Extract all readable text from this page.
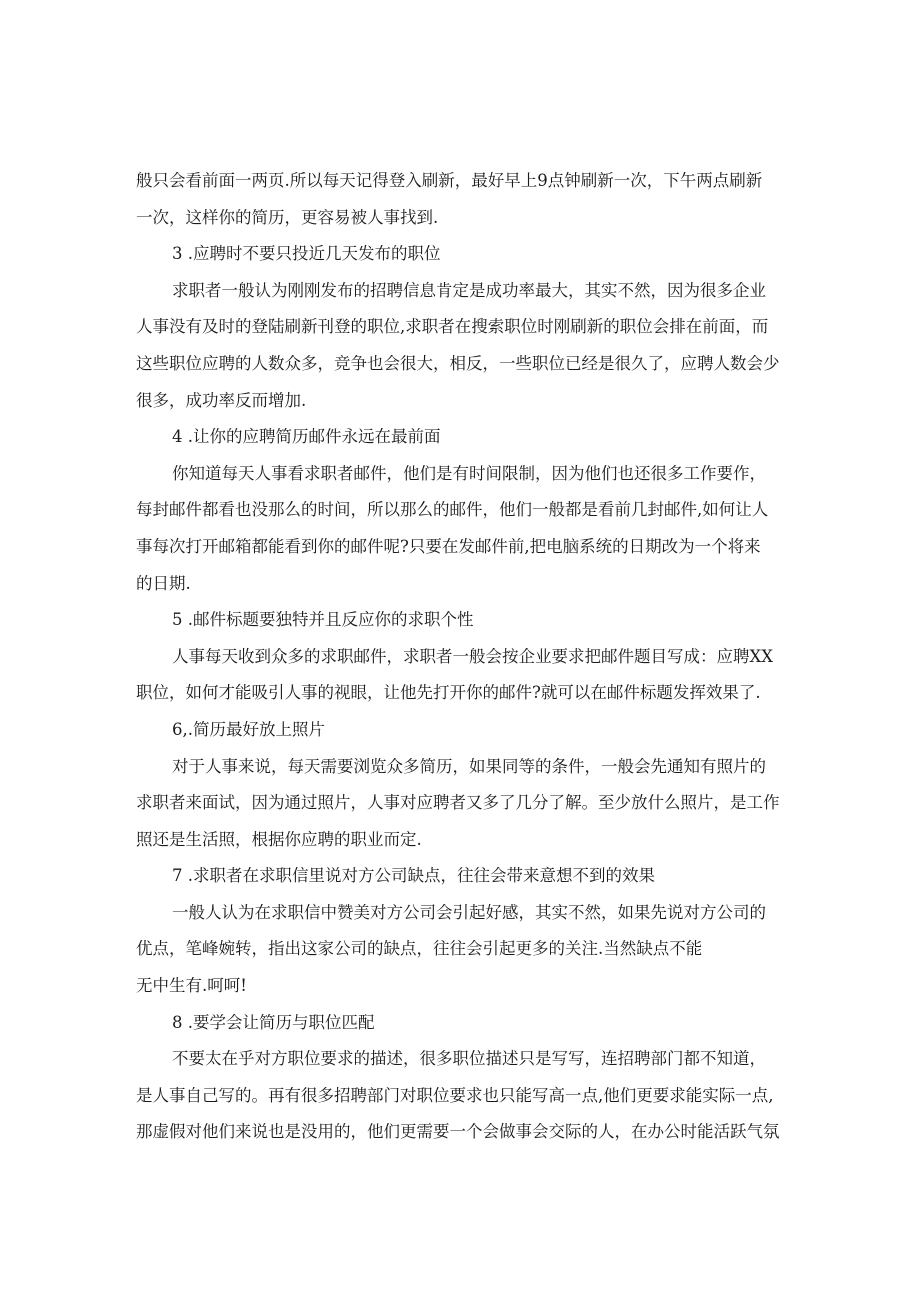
般只会看前面一两页.所以每天记得登入刷新，最好早上9点钟刷新一次，下午两点刷新
一次，这样你的简历，更容易被人事找到.
3 .应聘时不要只投近几天发布的职位
求职者一般认为刚刚发布的招聘信息肯定是成功率最大，其实不然，因为很多企业
人事没有及时的登陆刷新刊登的职位,求职者在搜索职位时刚刷新的职位会排在前面，而
这些职位应聘的人数众多，竞争也会很大，相反，一些职位已经是很久了，应聘人数会少
很多，成功率反而增加.
4 .让你的应聘简历邮件永远在最前面
你知道每天人事看求职者邮件，他们是有时间限制，因为他们也还很多工作要作，
每封邮件都看也没那么的时间，所以那么的邮件，他们一般都是看前几封邮件,如何让人
事每次打开邮箱都能看到你的邮件呢?只要在发邮件前,把电脑系统的日期改为一个将来
的日期.
5 .邮件标题要独特并且反应你的求职个性
人事每天收到众多的求职邮件，求职者一般会按企业要求把邮件题目写成：应聘XX
职位，如何才能吸引人事的视眼，让他先打开你的邮件?就可以在邮件标题发挥效果了.
6,.简历最好放上照片
对于人事来说，每天需要浏览众多简历，如果同等的条件，一般会先通知有照片的
求职者来面试，因为通过照片，人事对应聘者又多了几分了解。至少放什么照片，是工作
照还是生活照，根据你应聘的职业而定.
7 .求职者在求职信里说对方公司缺点，往往会带来意想不到的效果
一般人认为在求职信中赞美对方公司会引起好感，其实不然，如果先说对方公司的
优点，笔峰婉转，指出这家公司的缺点，往往会引起更多的关注.当然缺点不能
无中生有.呵呵!
8 .要学会让简历与职位匹配
不要太在乎对方职位要求的描述，很多职位描述只是写写，连招聘部门都不知道，
是人事自己写的。再有很多招聘部门对职位要求也只能写高一点,他们更要求能实际一点,
那虚假对他们来说也是没用的，他们更需要一个会做事会交际的人，在办公时能活跃气氛
